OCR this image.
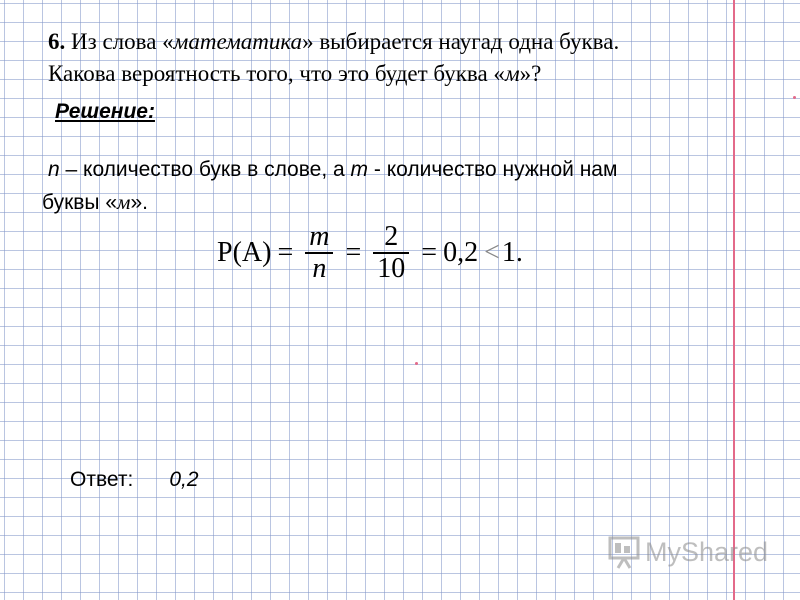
6. Из слова «математика» выбирается наугад одна буква.
Какова вероятность того, что это будет буква «м»?
Решение:
n – количество букв в слове, а m - количество нужной нам
буквы «м».
$P(A) = \frac{m}{n} = \frac{2}{10} = 0,2 < 1$.
Ответ: 0,2
MyShared
